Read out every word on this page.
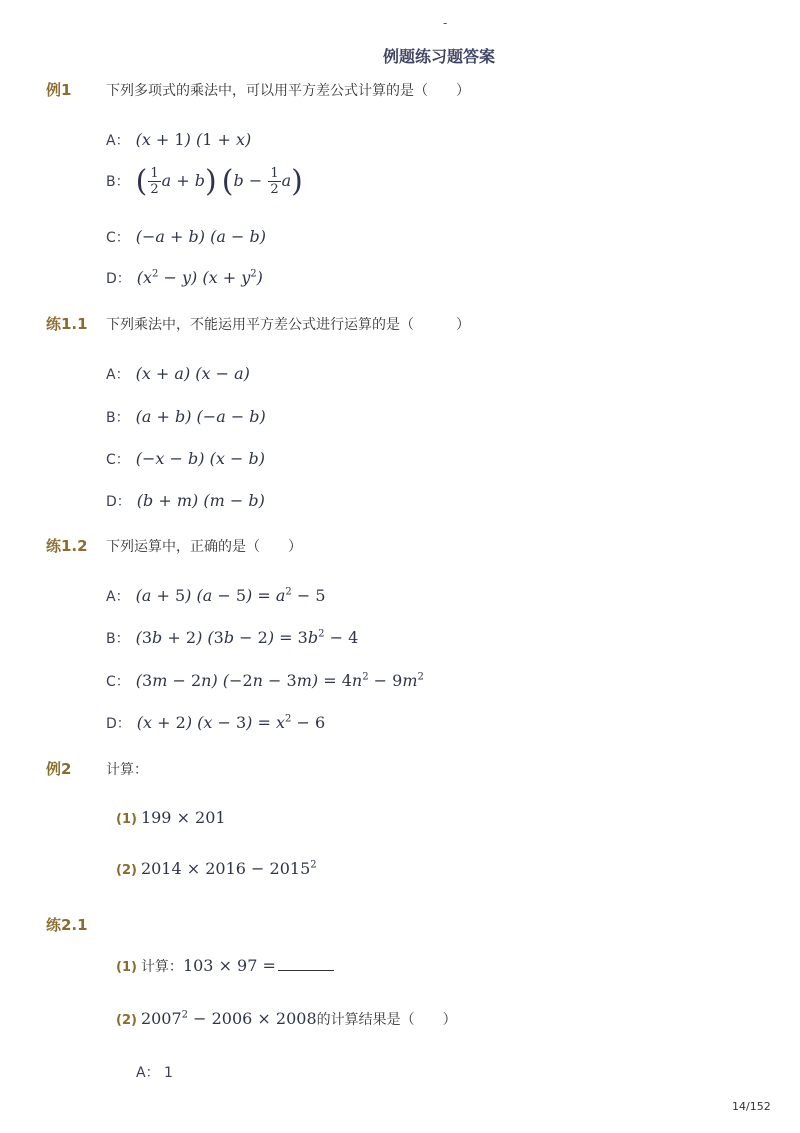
-
例题练习题答案
例1 下列多项式的乘法中，可以用平方差公式计算的是（　　）
A： (x + 1) (1 + x)
B： ( $\frac{1}{2}$ a + b) $(b - \frac{1}{2} a)$
C： (−a + b) (a − b)
D： $(x^2 - y) (x + y^2)$
练1.1 下列乘法中，不能运用平方差公式进行运算的是（　　　）
A： (x + a) (x − a)
B： (a + b) (−a − b)
C： (−x − b) (x − b)
D： (b + m) (m − b)
练1.2 下列运算中，正确的是（　　）
A： (a + 5) $(a - 5) = a^2 - 5$
B： (3b + 2) $(3b - 2) = 3b^2 - 4$
C： (3m − 2n) $(-2n - 3m) = 4n^2 - 9m^2$
D： (x + 2) $(x - 3) = x^2 - 6$
例2 计算：
(1) 199 × 201
(2) $2014 \times 2016 - 2015^2$
练2.1
(1) 计算：103 × 97 =
(2) $2007^2 - 2006 \times 2008$的计算结果是（　　）
A： 1
14/152
